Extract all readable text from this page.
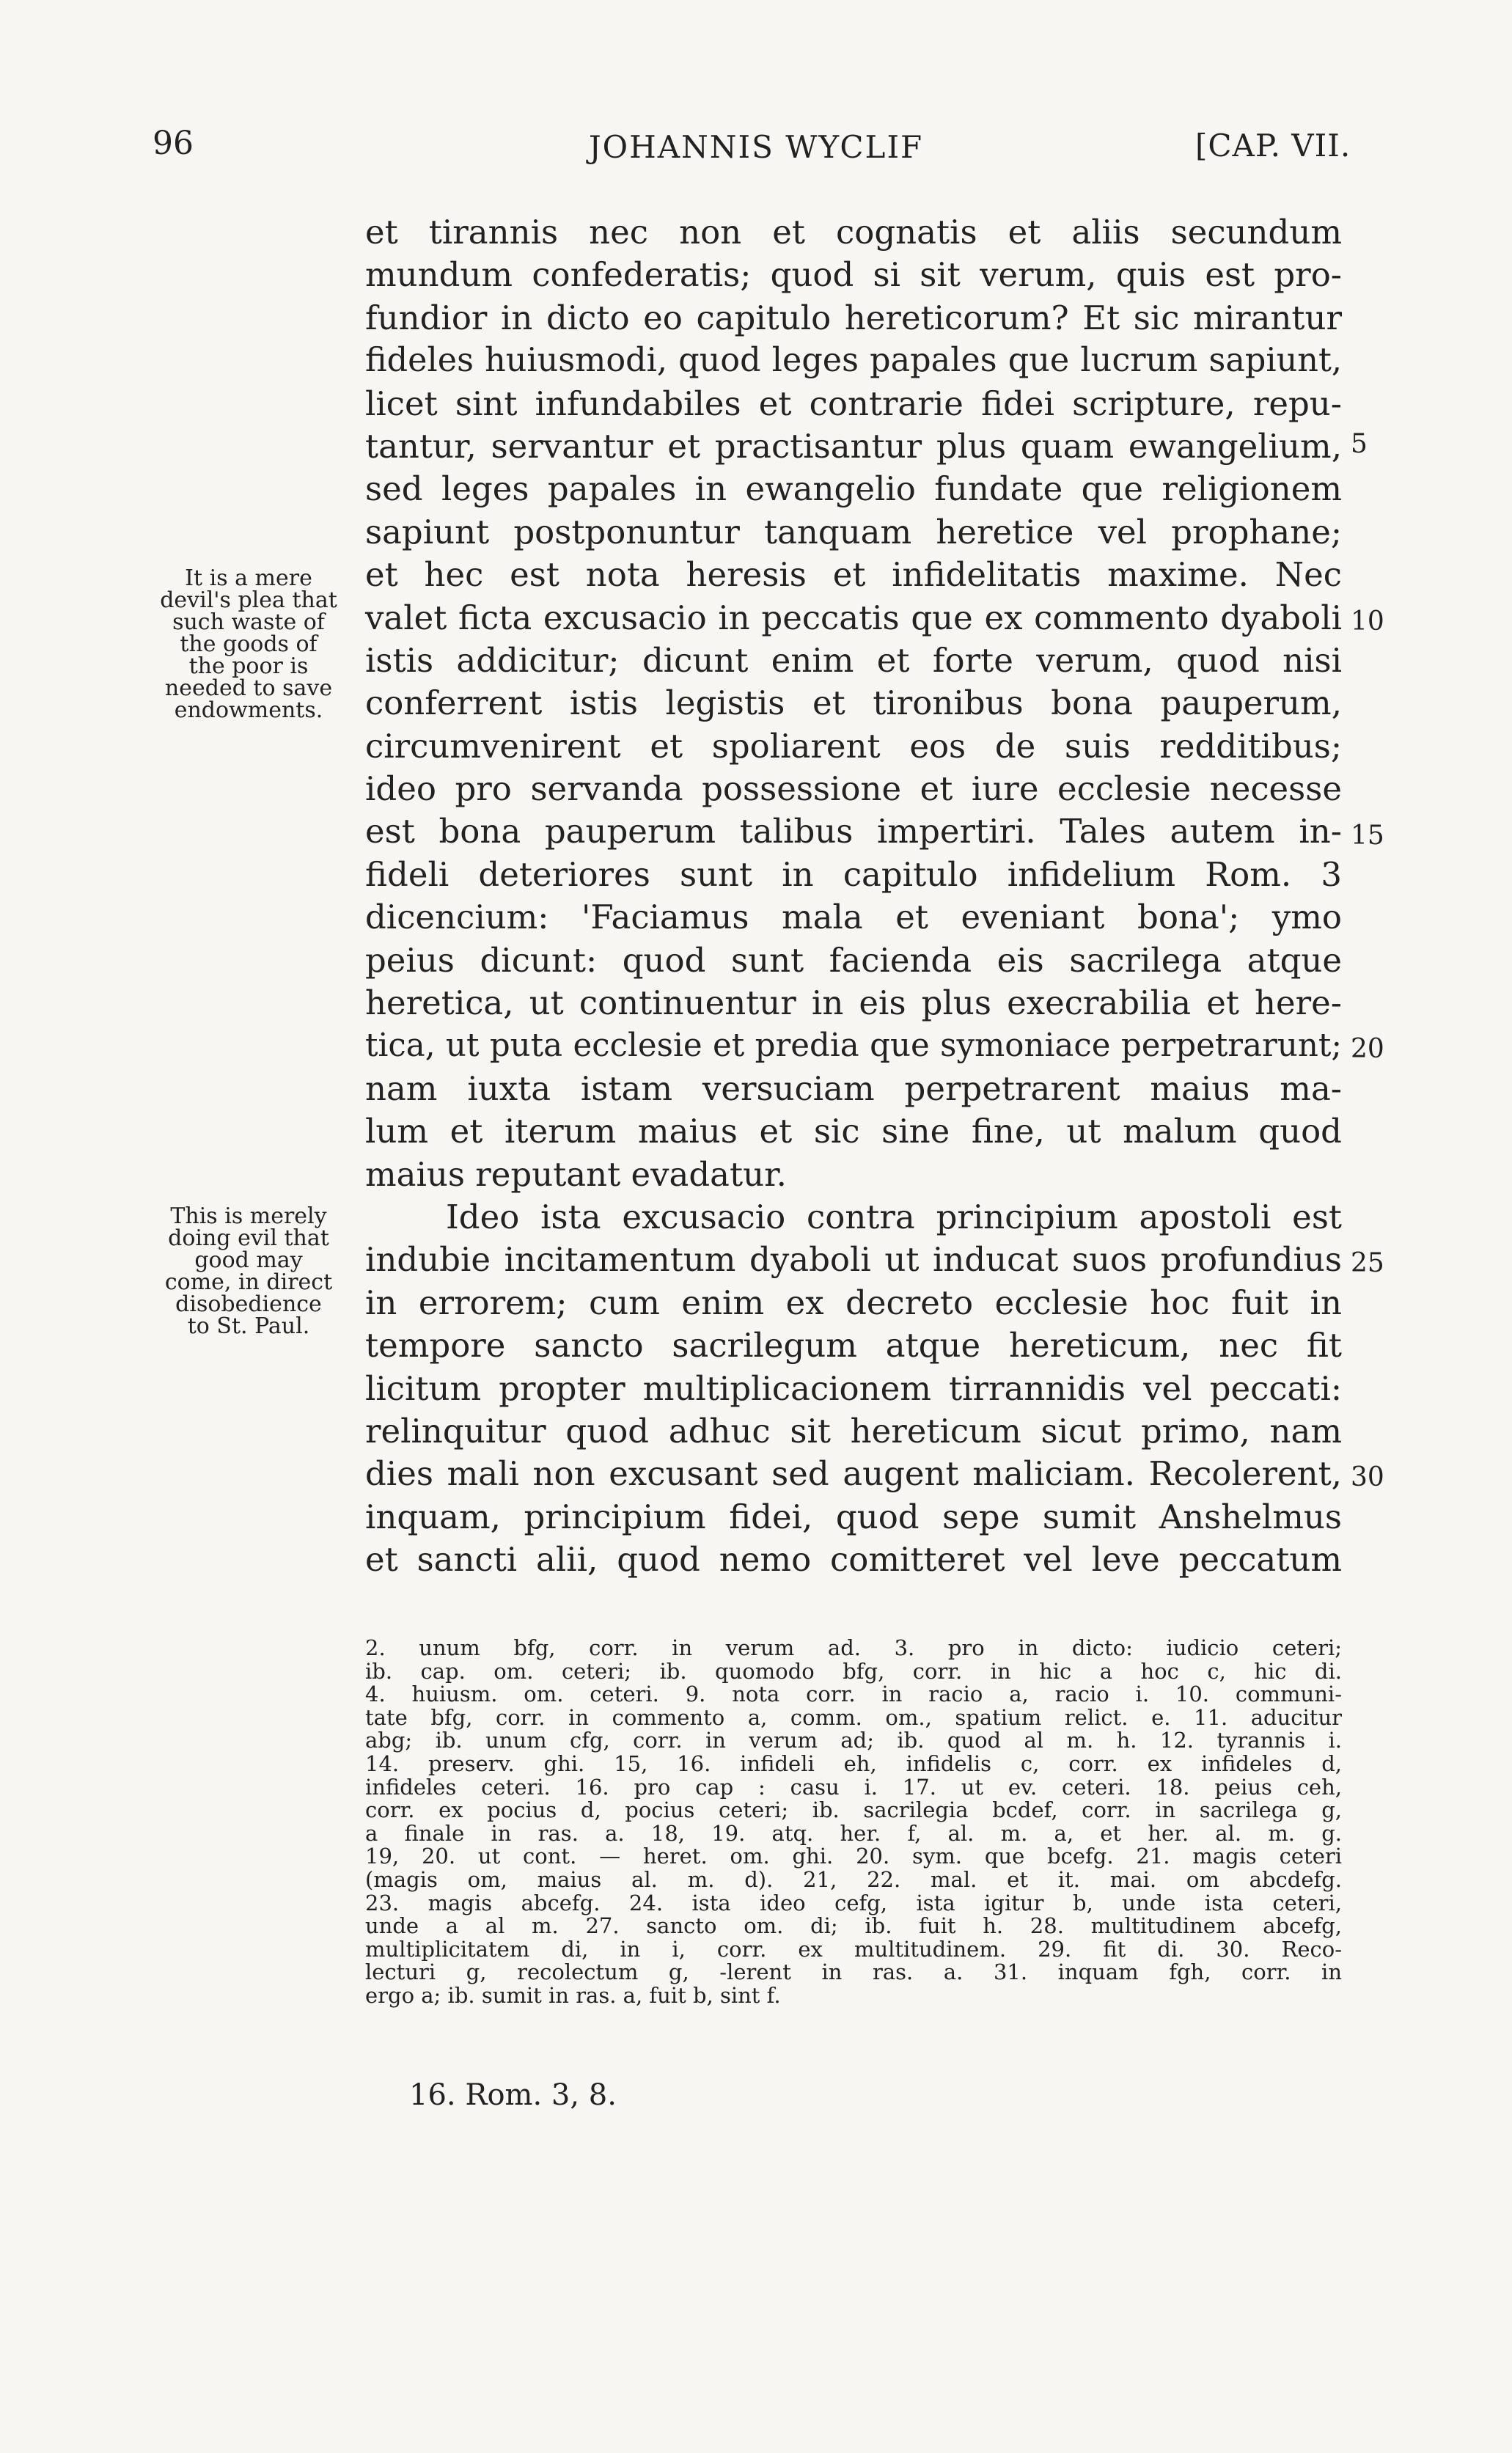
96	JOHANNIS WYCLIF	[CAP. VII.
et tirannis nec non et cognatis et aliis secundum
mundum confederatis; quod si sit verum, quis est pro-
fundior in dicto eo capitulo hereticorum? Et sic mirantur
fideles huiusmodi, quod leges papales que lucrum sapiunt,
licet sint infundabiles et contrarie fidei scripture, repu-
tantur, servantur et practisantur plus quam ewangelium,
sed leges papales in ewangelio fundate que religionem
sapiunt postponuntur tanquam heretice vel prophane;
et hec est nota heresis et infidelitatis maxime. Nec
valet ficta excusacio in peccatis que ex commento dyaboli
istis addicitur; dicunt enim et forte verum, quod nisi
conferrent istis legistis et tironibus bona pauperum,
circumvenirent et spoliarent eos de suis redditibus;
ideo pro servanda possessione et iure ecclesie necesse
est bona pauperum talibus impertiri. Tales autem in-
fideli deteriores sunt in capitulo infidelium Rom. 3
dicencium: 'Faciamus mala et eveniant bona'; ymo
peius dicunt: quod sunt facienda eis sacrilega atque
heretica, ut continuentur in eis plus execrabilia et here-
tica, ut puta ecclesie et predia que symoniace perpetrarunt;
nam iuxta istam versuciam perpetrarent maius ma-
lum et iterum maius et sic sine fine, ut malum quod
maius reputant evadatur.
Ideo ista excusacio contra principium apostoli est
indubie incitamentum dyaboli ut inducat suos profundius
in errorem; cum enim ex decreto ecclesie hoc fuit in
tempore sancto sacrilegum atque hereticum, nec fit
licitum propter multiplicacionem tirrannidis vel peccati:
relinquitur quod adhuc sit hereticum sicut primo, nam
dies mali non excusant sed augent maliciam. Recolerent,
inquam, principium fidei, quod sepe sumit Anshelmus
et sancti alii, quod nemo comitteret vel leve peccatum
5
10
15
20
25
30
It is a mere
devil's plea that
such waste of
the goods of
the poor is
needed to save
endowments.
This is merely
doing evil that
good may
come, in direct
disobedience
to St. Paul.
2. unum bfg, corr. in verum ad. 3. pro in dicto: iudicio ceteri;
ib. cap. om. ceteri; ib. quomodo bfg, corr. in hic a hoc c, hic di.
4. huiusm. om. ceteri. 9. nota corr. in racio a, racio i. 10. communi-
tate bfg, corr. in commento a, comm. om., spatium relict. e. 11. aducitur
abg; ib. unum cfg, corr. in verum ad; ib. quod al m. h. 12. tyrannis i.
14. preserv. ghi. 15, 16. infideli eh, infidelis c, corr. ex infideles d,
infideles ceteri. 16. pro cap : casu i. 17. ut ev. ceteri. 18. peius ceh,
corr. ex pocius d, pocius ceteri; ib. sacrilegia bcdef, corr. in sacrilega g,
a finale in ras. a. 18, 19. atq. her. f, al. m. a, et her. al. m. g.
19, 20. ut cont. — heret. om. ghi. 20. sym. que bcefg. 21. magis ceteri
(magis om, maius al. m. d). 21, 22. mal. et it. mai. om abcdefg.
23. magis abcefg. 24. ista ideo cefg, ista igitur b, unde ista ceteri,
unde a al m. 27. sancto om. di; ib. fuit h. 28. multitudinem abcefg,
multiplicitatem di, in i, corr. ex multitudinem. 29. fit di. 30. Reco-
lecturi g, recolectum g, -lerent in ras. a. 31. inquam fgh, corr. in
ergo a; ib. sumit in ras. a, fuit b, sint f.
16. Rom. 3, 8.
